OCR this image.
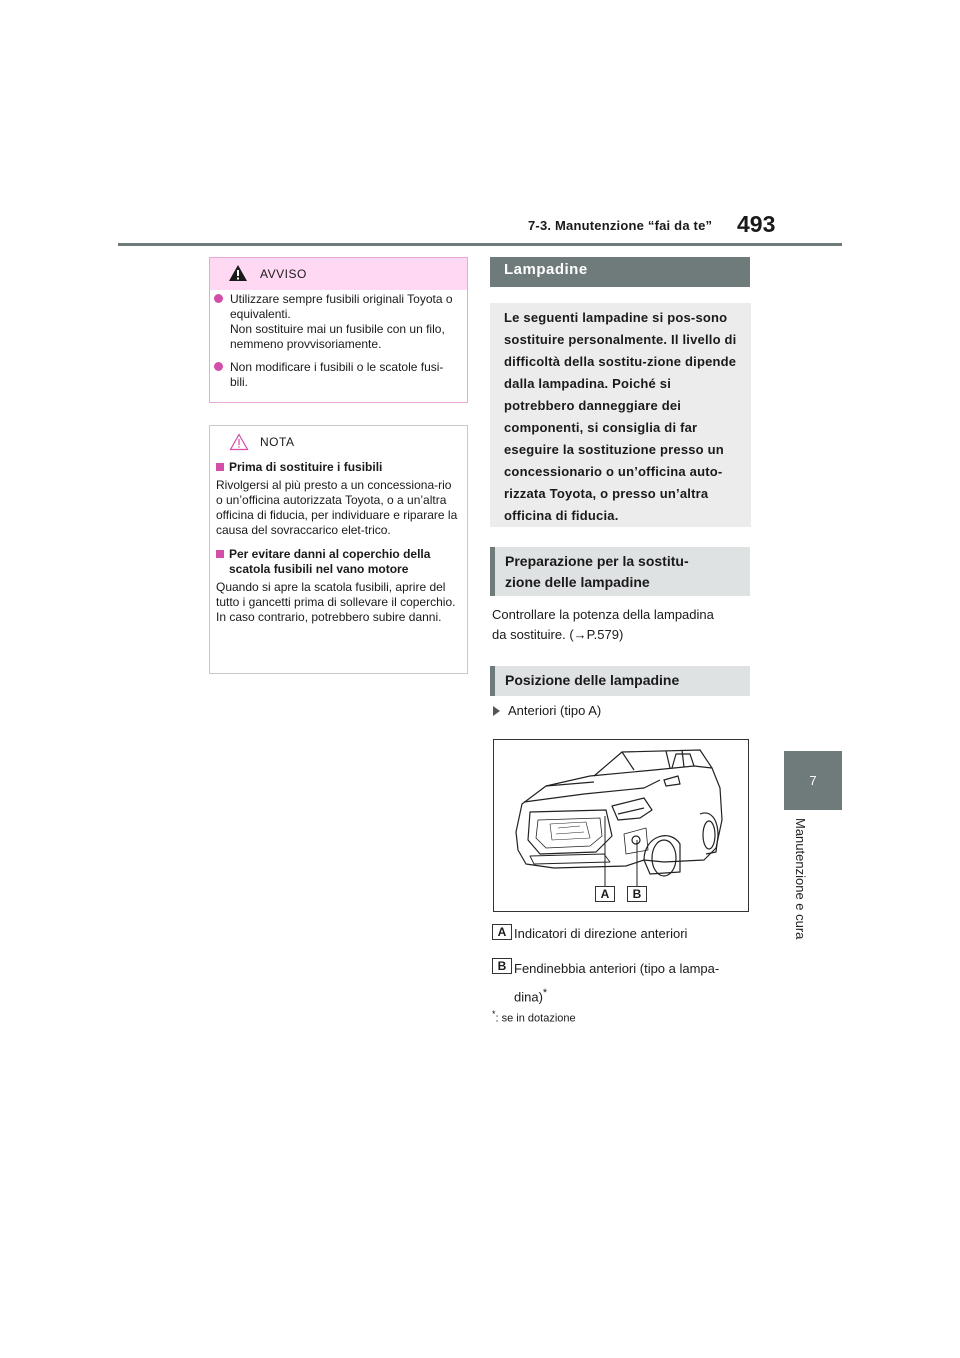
7-3. Manutenzione “fai da te” 493
7
Manutenzione e cura
AVVISO
Utilizzare sempre fusibili originali Toyota o equivalenti.
Non sostituire mai un fusibile con un filo, nemmeno provvisoriamente.
Non modificare i fusibili o le scatole fusi-bili.
NOTA
Prima di sostituire i fusibili
Rivolgersi al più presto a un concessiona-rio o un’officina autorizzata Toyota, o a un’altra officina di fiducia, per individuare e riparare la causa del sovraccarico elet-trico.
Per evitare danni al coperchio della scatola fusibili nel vano motore
Quando si apre la scatola fusibili, aprire del tutto i gancetti prima di sollevare il coperchio. In caso contrario, potrebbero subire danni.
Lampadine
Le seguenti lampadine si pos-sono sostituire personalmente. Il livello di difficoltà della sostitu-zione dipende dalla lampadina. Poiché si potrebbero danneggiare dei componenti, si consiglia di far eseguire la sostituzione presso un concessionario o un’officina auto-rizzata Toyota, o presso un’altra officina di fiducia.
Preparazione per la sostitu-
zione delle lampadine
Controllare la potenza della lampadina
da sostituire. (→P.579)
Posizione delle lampadine
Anteriori (tipo A)
A	B
A Indicatori di direzione anteriori
B Fendinebbia anteriori (tipo a lampa-dina)*
*: se in dotazione
